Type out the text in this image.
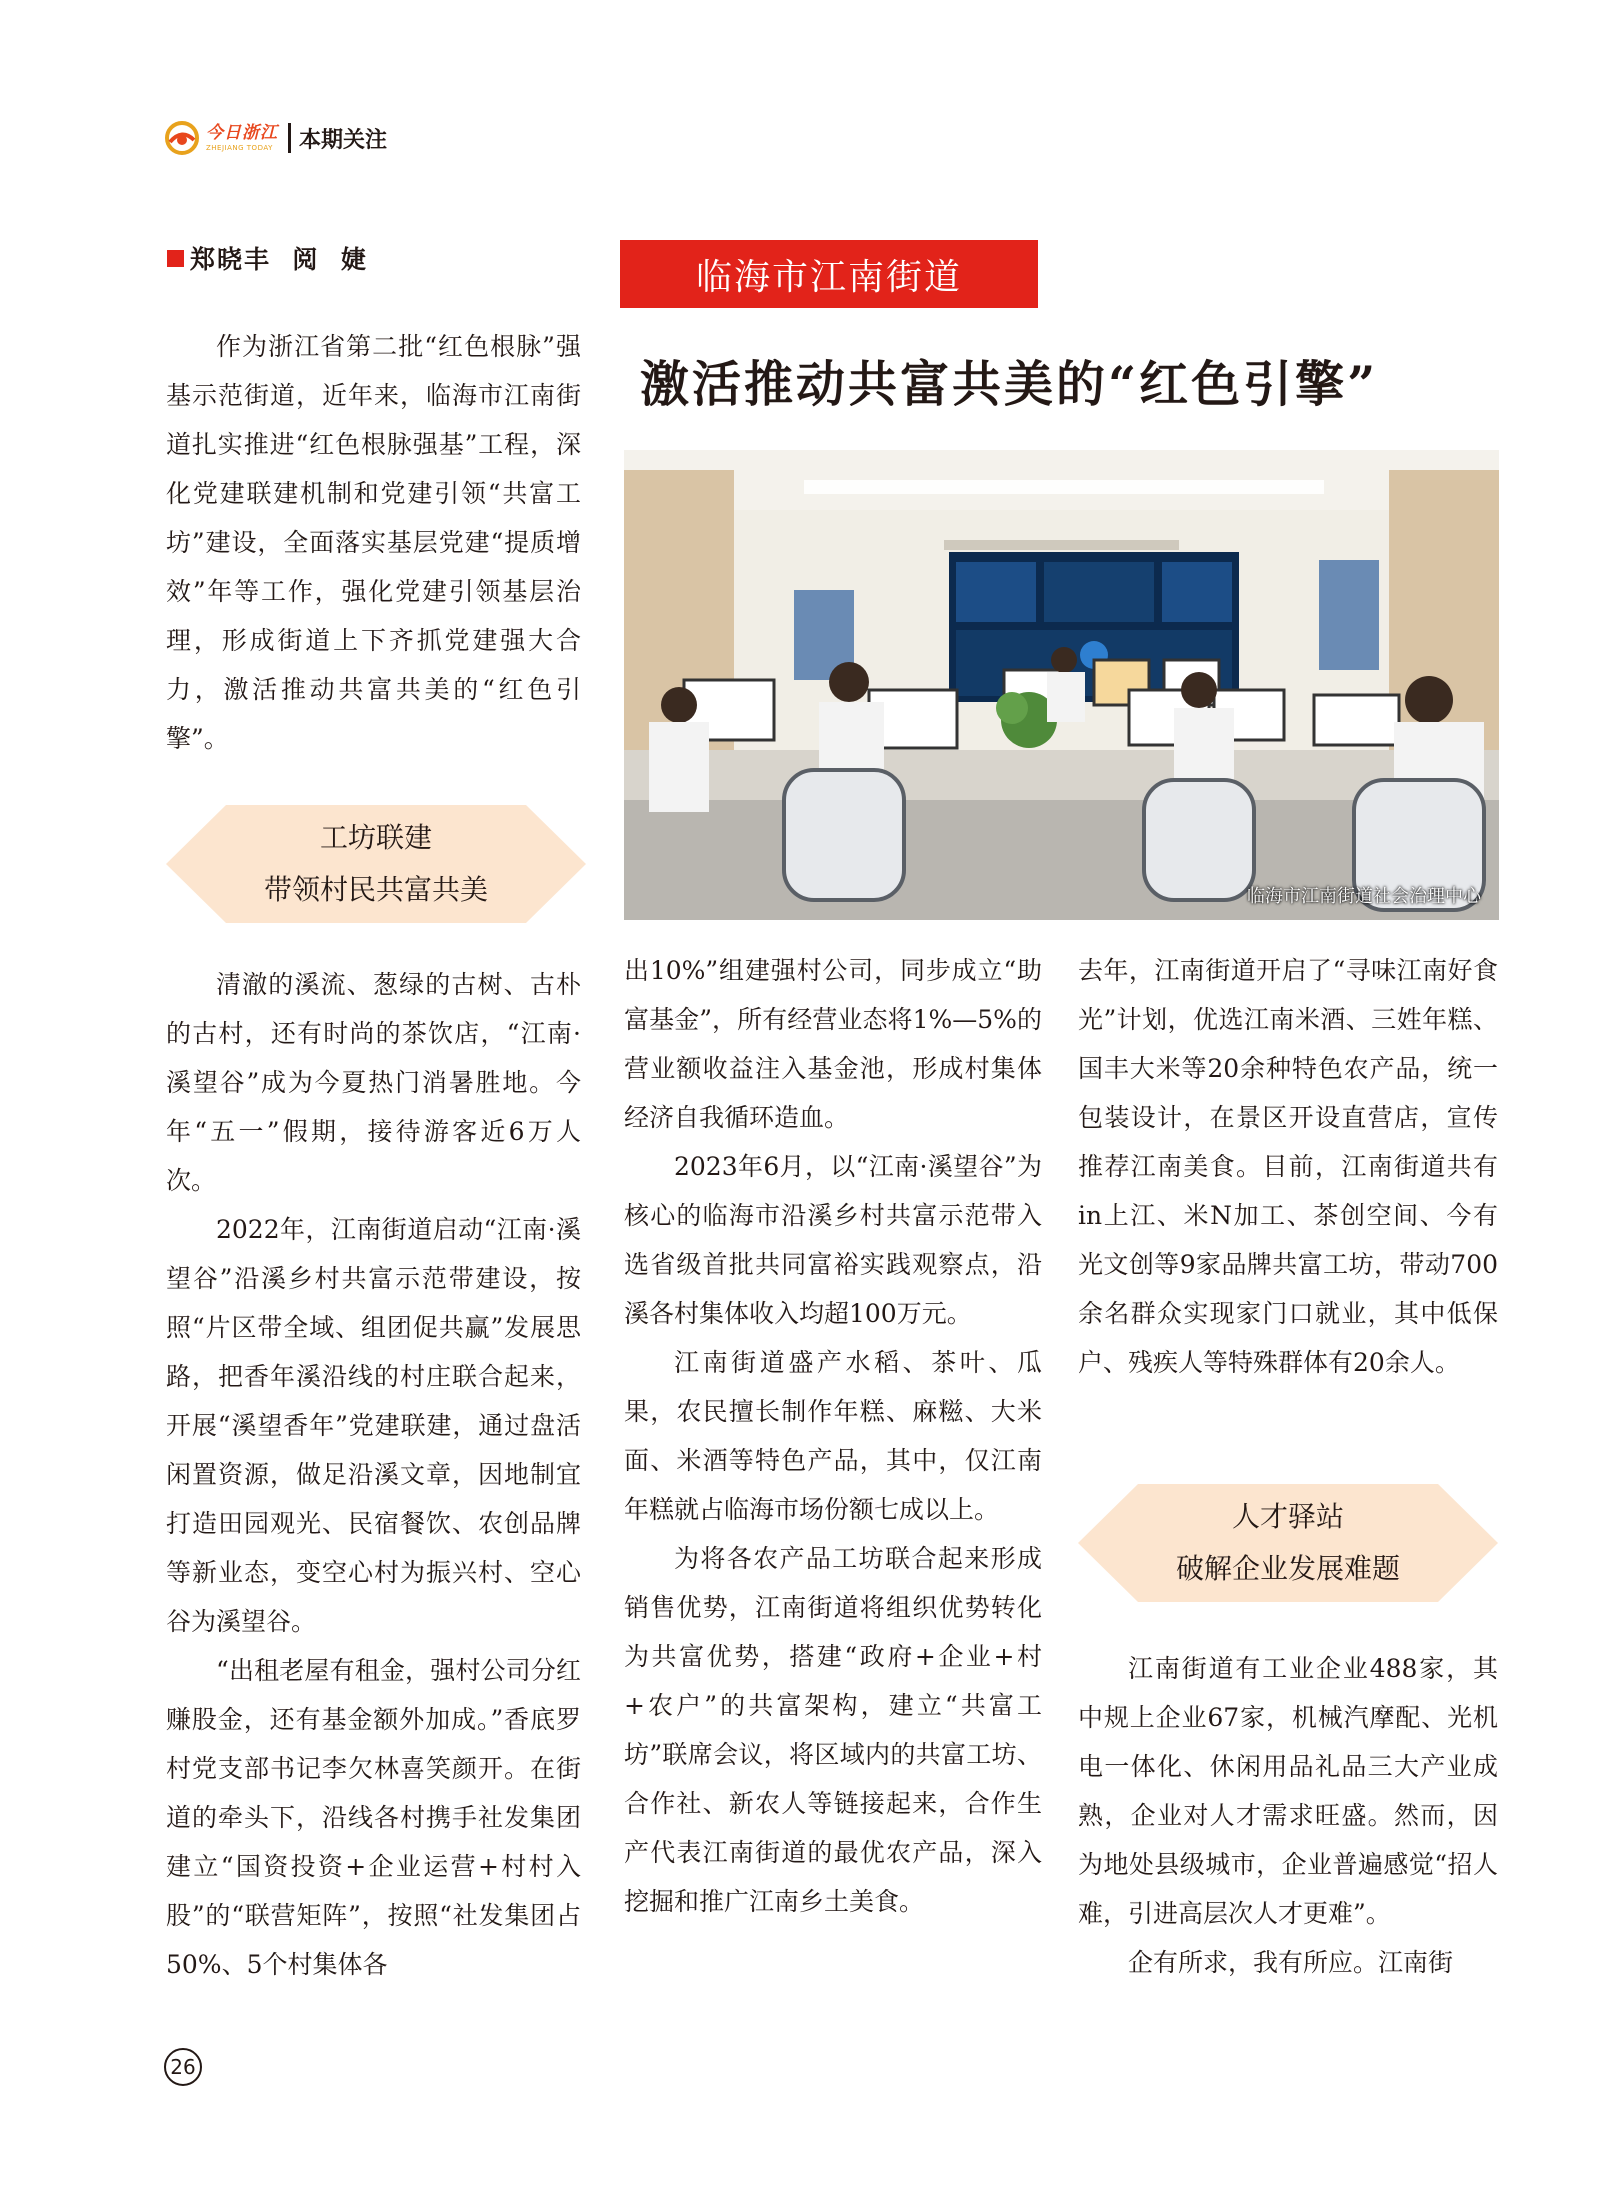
今日浙江
ZHEJIANG TODAY 本期关注
郑晓丰  阅  婕	临海市江南街道
激活推动共富共美的“红色引擎”
临海市江南街道社会治理中心

作为浙江省第二批“红色根脉”强基示范街道，近年来，临海市江南街道扎实推进“红色根脉强基”工程，深化党建联建机制和党建引领“共富工坊”建设，全面落实基层党建“提质增效”年等工作，强化党建引领基层治理，形成街道上下齐抓党建强大合力，激活推动共富共美的“红色引擎”。

工坊联建
带领村民共富共美

清澈的溪流、葱绿的古树、古朴的古村，还有时尚的茶饮店，“江南·溪望谷”成为今夏热门消暑胜地。今年“五一”假期，接待游客近6万人次。

2022年，江南街道启动“江南·溪望谷”沿溪乡村共富示范带建设，按照“片区带全域、组团促共赢”发展思路，把香年溪沿线的村庄联合起来，开展“溪望香年”党建联建，通过盘活闲置资源，做足沿溪文章，因地制宜打造田园观光、民宿餐饮、农创品牌等新业态，变空心村为振兴村、空心谷为溪望谷。

“出租老屋有租金，强村公司分红赚股金，还有基金额外加成。”香底罗村党支部书记李欠林喜笑颜开。在街道的牵头下，沿线各村携手社发集团建立“国资投资+企业运营+村村入股”的“联营矩阵”，按照“社发集团占50%、5个村集体各

出10%”组建强村公司，同步成立“助富基金”，所有经营业态将1%—5%的营业额收益注入基金池，形成村集体经济自我循环造血。

2023年6月，以“江南·溪望谷”为核心的临海市沿溪乡村共富示范带入选省级首批共同富裕实践观察点，沿溪各村集体收入均超100万元。

江南街道盛产水稻、茶叶、瓜果，农民擅长制作年糕、麻糍、大米面、米酒等特色产品，其中，仅江南年糕就占临海市场份额七成以上。

为将各农产品工坊联合起来形成销售优势，江南街道将组织优势转化为共富优势，搭建“政府+企业+村+农户”的共富架构，建立“共富工坊”联席会议，将区域内的共富工坊、合作社、新农人等链接起来，合作生产代表江南街道的最优农产品，深入挖掘和推广江南乡土美食。

去年，江南街道开启了“寻味江南好食光”计划，优选江南米酒、三姓年糕、国丰大米等20余种特色农产品，统一包装设计，在景区开设直营店，宣传推荐江南美食。目前，江南街道共有in上江、米N加工、茶创空间、今有光文创等9家品牌共富工坊，带动700余名群众实现家门口就业，其中低保户、残疾人等特殊群体有20余人。

人才驿站
破解企业发展难题

江南街道有工业企业488家，其中规上企业67家，机械汽摩配、光机电一体化、休闲用品礼品三大产业成熟，企业对人才需求旺盛。然而，因为地处县级城市，企业普遍感觉“招人难，引进高层次人才更难”。

企有所求，我有所应。江南街

26
